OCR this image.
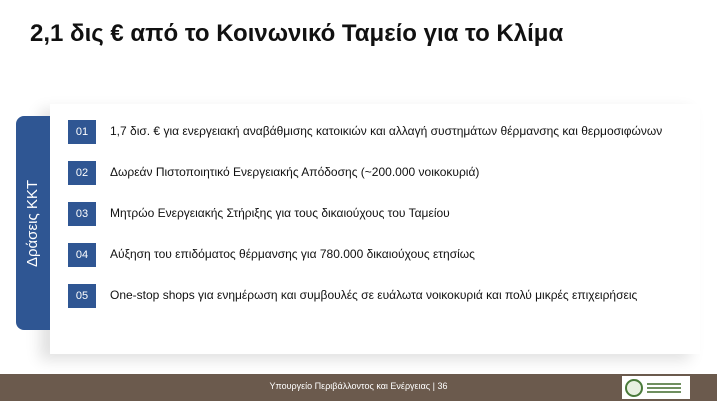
2,1 δις € από το Κοινωνικό Ταμείο για το Κλίμα
Δράσεις ΚΚΤ
01	1,7 δισ. € για ενεργειακή αναβάθμισης κατοικιών και αλλαγή συστημάτων θέρμανσης και θερμοσιφώνων
02	Δωρεάν Πιστοποιητικό Ενεργειακής Απόδοσης (~200.000 νοικοκυριά)
03	Μητρώο Ενεργειακής Στήριξης για τους δικαιούχους του Ταμείου
04	Αύξηση του επιδόματος θέρμανσης για 780.000 δικαιούχους ετησίως
05	One-stop shops για ενημέρωση και συμβουλές σε ευάλωτα νοικοκυριά και πολύ μικρές επιχειρήσεις
Υπουργείο Περιβάλλοντος και Ενέργειας | 36
